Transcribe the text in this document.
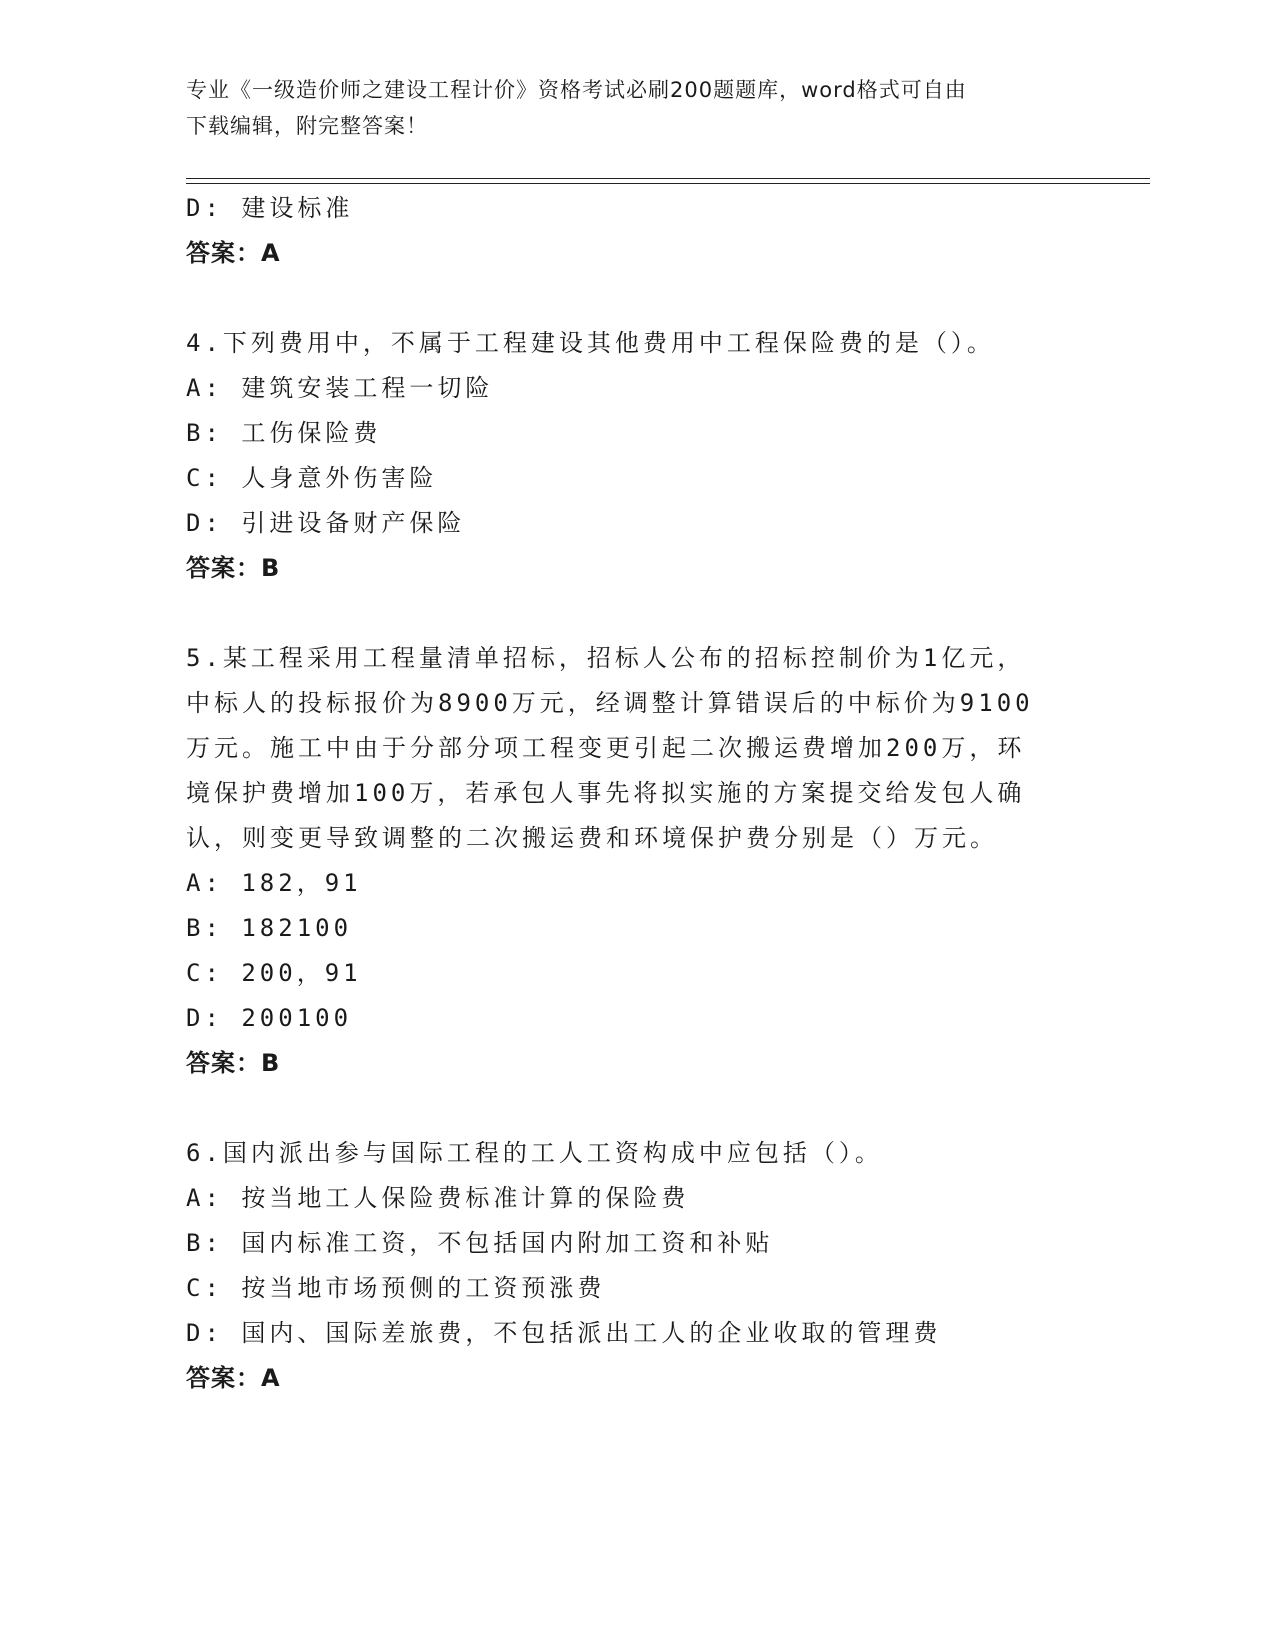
专业《一级造价师之建设工程计价》资格考试必刷200题题库，word格式可自由
下载编辑，附完整答案！
D: 建设标准
答案：A
4.下列费用中，不属于工程建设其他费用中工程保险费的是（）。
A: 建筑安装工程一切险
B: 工伤保险费
C: 人身意外伤害险
D: 引进设备财产保险
答案：B
5.某工程采用工程量清单招标，招标人公布的招标控制价为1亿元，
中标人的投标报价为8900万元，经调整计算错误后的中标价为9100
万元。施工中由于分部分项工程变更引起二次搬运费增加200万，环
境保护费增加100万，若承包人事先将拟实施的方案提交给发包人确
认，则变更导致调整的二次搬运费和环境保护费分别是（）万元。
A: 182，91
B: 182100
C: 200，91
D: 200100
答案：B
6.国内派出参与国际工程的工人工资构成中应包括（）。
A: 按当地工人保险费标准计算的保险费
B: 国内标准工资，不包括国内附加工资和补贴
C: 按当地市场预侧的工资预涨费
D: 国内、国际差旅费，不包括派出工人的企业收取的管理费
答案：A
